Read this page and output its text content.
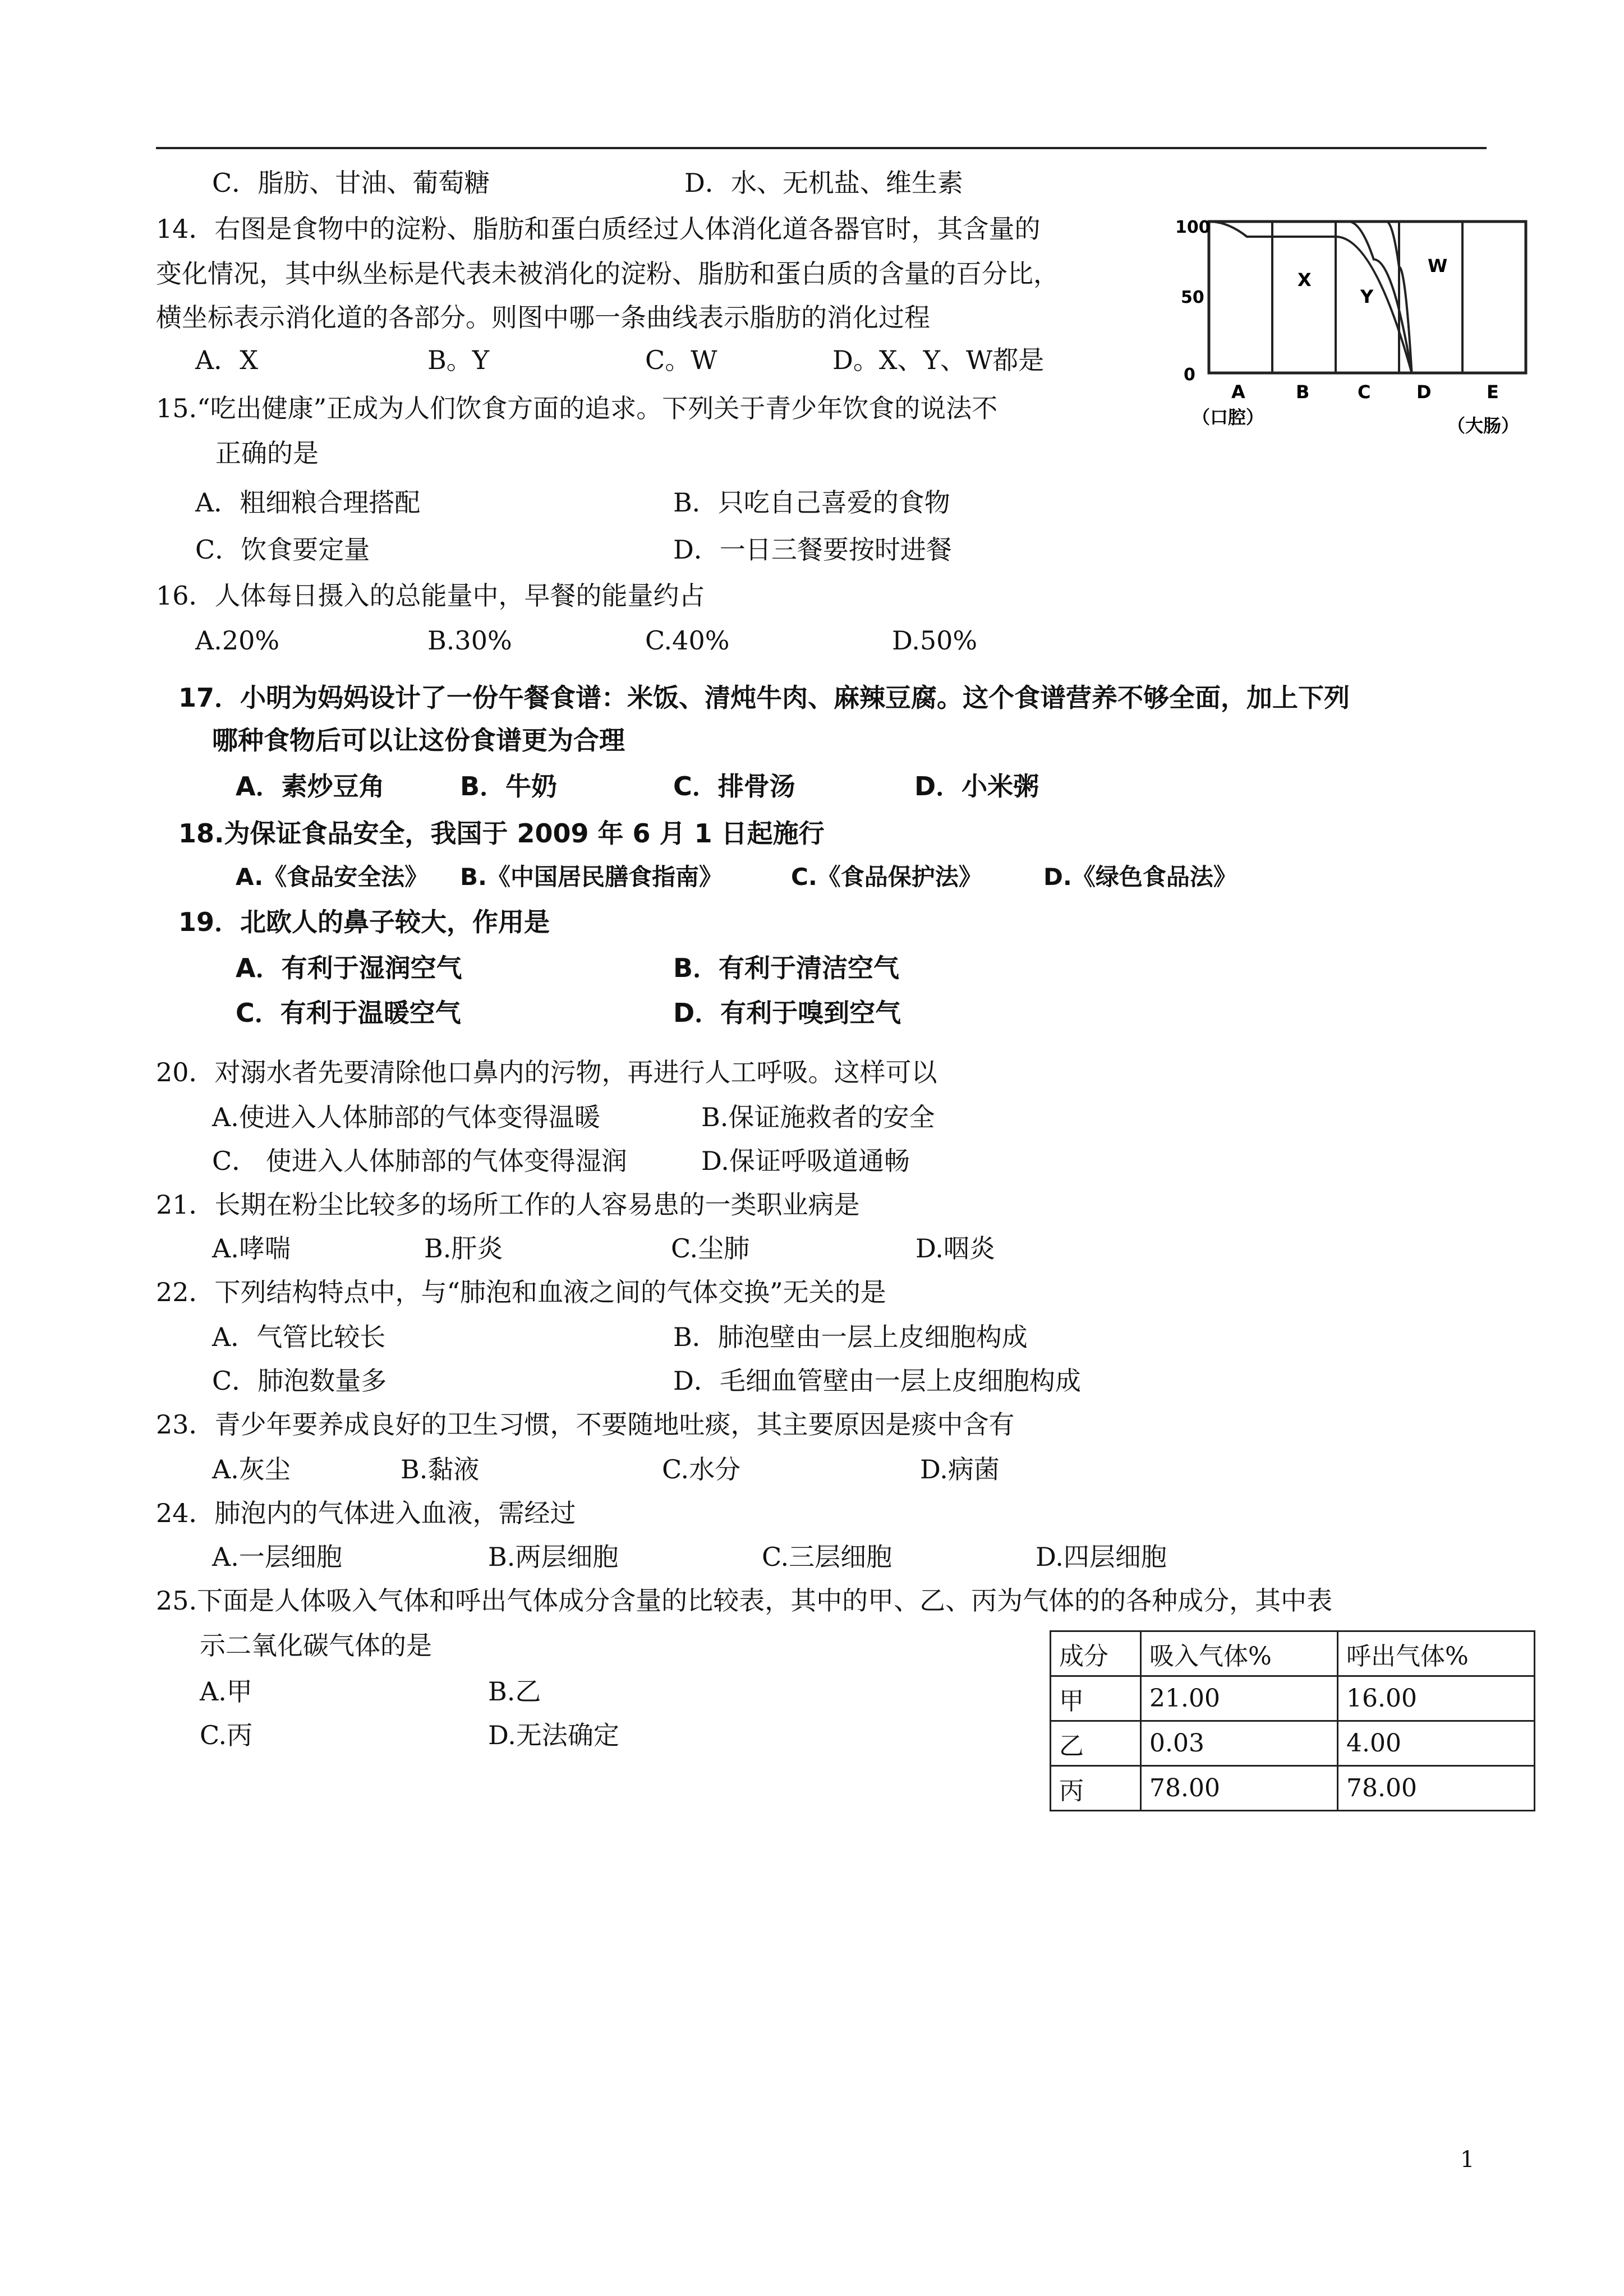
C．脂肪、甘油、葡萄糖	D．水、无机盐、维生素
14．右图是食物中的淀粉、脂肪和蛋白质经过人体消化道各器官时，其含量的
变化情况，其中纵坐标是代表未被消化的淀粉、脂肪和蛋白质的含量的百分比，
横坐标表示消化道的各部分。则图中哪一条曲线表示脂肪的消化过程
A．X	B。Y	C。W	D。X、Y、W都是
100
50
0
A	B	C	D	E
（口腔）	（大肠）
X
Y
W
15.“吃出健康”正成为人们饮食方面的追求。下列关于青少年饮食的说法不
正确的是
A．粗细粮合理搭配	B．只吃自己喜爱的食物
C．饮食要定量	D．一日三餐要按时进餐
16．人体每日摄入的总能量中，早餐的能量约占
A.20%	B.30%	C.40%	D.50%
17．小明为妈妈设计了一份午餐食谱：米饭、清炖牛肉、麻辣豆腐。这个食谱营养不够全面，加上下列
哪种食物后可以让这份食谱更为合理
A．素炒豆角	B．牛奶	C．排骨汤	D．小米粥
18.为保证食品安全，我国于 2009 年 6 月 1 日起施行
A.《食品安全法》 B.《中国居民膳食指南》	C.《食品保护法》	D.《绿色食品法》
19．北欧人的鼻子较大，作用是
A．有利于湿润空气	B．有利于清洁空气
C．有利于温暖空气	D．有利于嗅到空气
20．对溺水者先要清除他口鼻内的污物，再进行人工呼吸。这样可以
A.使进入人体肺部的气体变得温暖	B.保证施救者的安全
C． 使进入人体肺部的气体变得湿润	D.保证呼吸道通畅
21．长期在粉尘比较多的场所工作的人容易患的一类职业病是
A.哮喘	B.肝炎	C.尘肺	D.咽炎
22．下列结构特点中，与“肺泡和血液之间的气体交换”无关的是
A．气管比较长	B．肺泡壁由一层上皮细胞构成
C．肺泡数量多	D．毛细血管壁由一层上皮细胞构成
23．青少年要养成良好的卫生习惯，不要随地吐痰，其主要原因是痰中含有
A.灰尘	B.黏液	C.水分	D.病菌
24．肺泡内的气体进入血液，需经过
A.一层细胞	B.两层细胞	C.三层细胞	D.四层细胞
25.下面是人体吸入气体和呼出气体成分含量的比较表，其中的甲、乙、丙为气体的的各种成分，其中表
示二氧化碳气体的是
A.甲	B.乙
C.丙	D.无法确定
成分	吸入气体%	呼出气体%
甲	21.00	16.00
乙	0.03	4.00
丙	78.00	78.00
1
